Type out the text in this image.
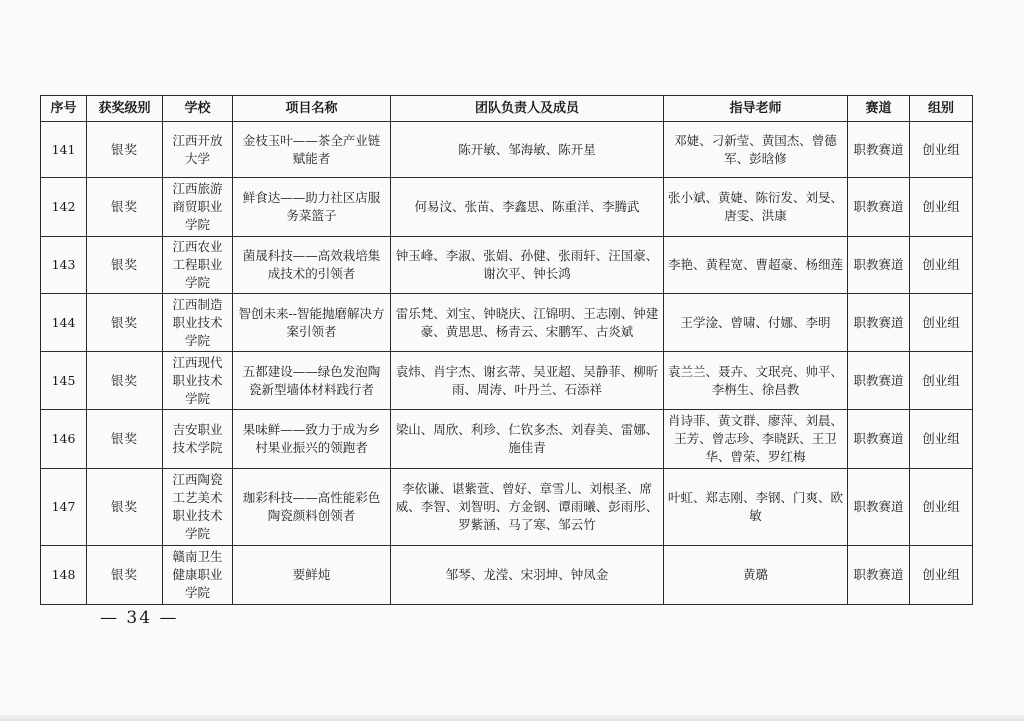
序号	获奖级别	学校	项目名称	团队负责人及成员	指导老师	赛道	组别
141	银奖	江西开放大学	金枝玉叶——茶全产业链赋能者	陈开敏、邹海敏、陈开星	邓婕、刁新莹、黄国杰、曾德军、彭晗修	职教赛道	创业组
142	银奖	江西旅游商贸职业学院	鲜食达——助力社区店服务菜篮子	何易汶、张苗、李鑫思、陈重洋、李腾武	张小斌、黄婕、陈衍发、刘旻、唐雯、洪康	职教赛道	创业组
143	银奖	江西农业工程职业学院	菌晟科技——高效栽培集成技术的引领者	钟玉峰、李淑、张娟、孙健、张雨轩、汪国豪、谢次平、钟长鸿	李艳、黄程宽、曹超豪、杨细莲	职教赛道	创业组
144	银奖	江西制造职业技术学院	智创未来--智能抛磨解决方案引领者	雷乐梵、刘宝、钟晓庆、江锦明、王志刚、钟建豪、黄思思、杨青云、宋鹏军、古炎斌	王学淦、曾啸、付娜、李明	职教赛道	创业组
145	银奖	江西现代职业技术学院	五都建设——绿色发泡陶瓷新型墙体材料践行者	袁炜、肖宇杰、谢玄蒂、吴亚超、吴静菲、柳昕雨、周涛、叶丹兰、石添祥	袁兰兰、聂卉、文珉亮、帅平、李栴生、徐昌教	职教赛道	创业组
146	银奖	吉安职业技术学院	果味鲜——致力于成为乡村果业振兴的领跑者	梁山、周欣、利珍、仁钦多杰、刘春美、雷娜、施佳青	肖诗菲、黄文群、廖萍、刘晨、王芳、曾志珍、李晓跃、王卫华、曾荣、罗红梅	职教赛道	创业组
147	银奖	江西陶瓷工艺美术职业技术学院	珈彩科技——高性能彩色陶瓷颜料创领者	李依谦、谌紫萱、曾好、章雪儿、刘根圣、席威、李智、刘智明、方金钢、谭雨曦、彭雨彤、罗紫涵、马了寒、邹云竹	叶虹、郑志刚、李钢、门爽、欧敏	职教赛道	创业组
148	银奖	赣南卫生健康职业学院	要鲜炖	邹琴、龙滢、宋羽坤、钟凤金	黄璐	职教赛道	创业组
— 34 —
